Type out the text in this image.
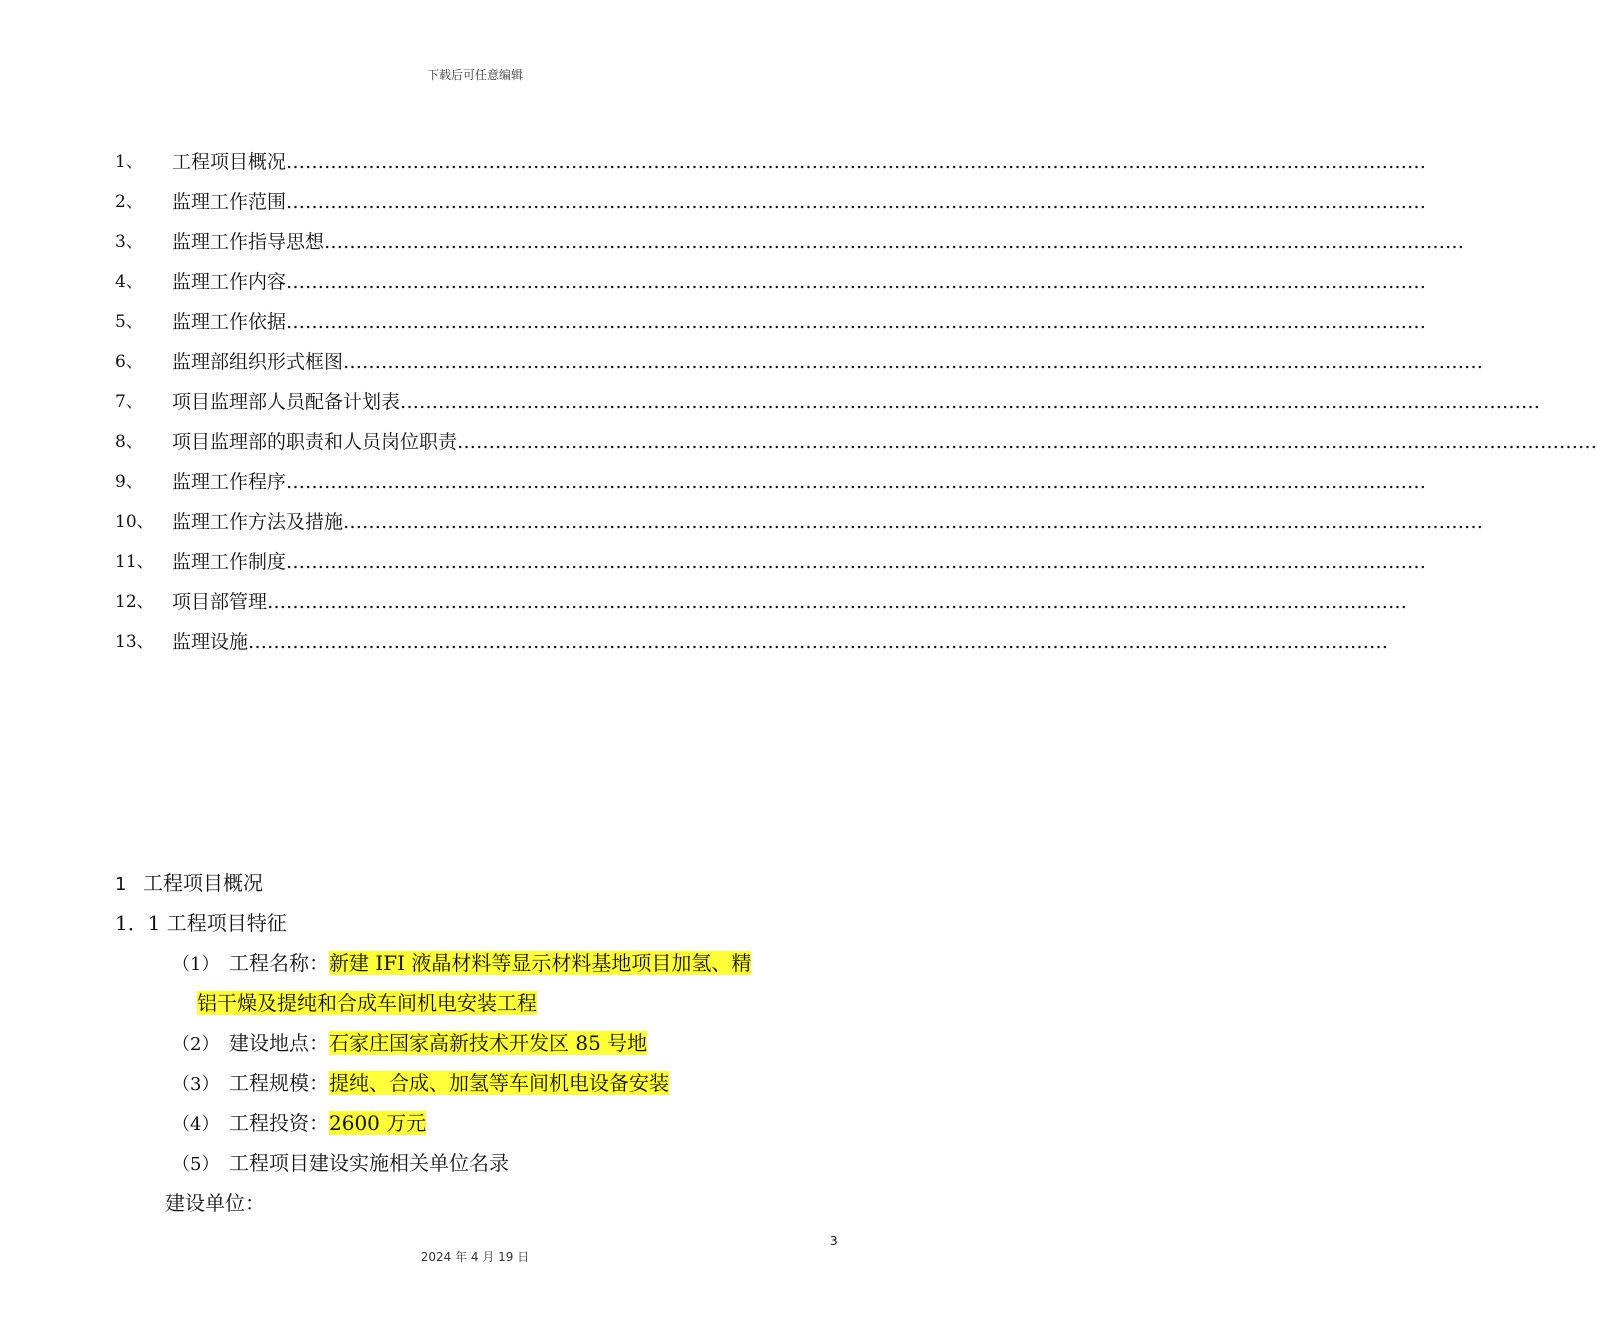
下载后可任意编辑
1、	工程项目概况 ………………………………………………………………………………………………………………………………………………………………
2、	监理工作范围 ………………………………………………………………………………………………………………………………………………………………
3、	监理工作指导思想 ………………………………………………………………………………………………………………………………………………………………
4、	监理工作内容 ………………………………………………………………………………………………………………………………………………………………
5、	监理工作依据 ………………………………………………………………………………………………………………………………………………………………
6、	监理部组织形式框图 ………………………………………………………………………………………………………………………………………………………………
7、	项目监理部人员配备计划表 ………………………………………………………………………………………………………………………………………………………………
8、	项目监理部的职责和人员岗位职责 ………………………………………………………………………………………………………………………………………………………………
9、	监理工作程序 ………………………………………………………………………………………………………………………………………………………………
10、 监理工作方法及措施 ………………………………………………………………………………………………………………………………………………………………
11、 监理工作制度 ………………………………………………………………………………………………………………………………………………………………
12、 项目部管理 ………………………………………………………………………………………………………………………………………………………………
13、 监理设施 ………………………………………………………………………………………………………………………………………………………………
1 工程项目概况
1．1 工程项目特征
（1） 工程名称：新建 IFI 液晶材料等显示材料基地项目加氢、精
铝干燥及提纯和合成车间机电安装工程
（2） 建设地点：石家庄国家高新技术开发区 85 号地
（3） 工程规模：提纯、合成、加氢等车间机电设备安装
（4） 工程投资：2600 万元
（5） 工程项目建设实施相关单位名录
建设单位：
3
2024 年 4 月 19 日
